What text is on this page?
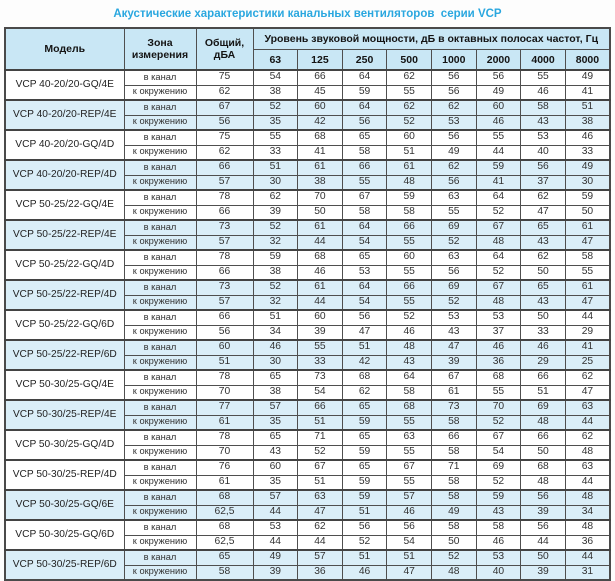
Акустические характеристики канальных вентиляторов  серии VCP
Модель	Зона измерения	Общий, дБА	Уровень звуковой мощности, дБ в октавных полосах частот, Гц							
			63	125	250	500	1000	2000	4000	8000
VCP 40-20/20-GQ/4E	в канал	75	54	66	64	62	56	56	55	49
	к окружению	62	38	45	59	55	56	49	46	41
VCP 40-20/20-REP/4E	в канал	67	52	60	64	62	62	60	58	51
	к окружению	56	35	42	56	52	53	46	43	38
VCP 40-20/20-GQ/4D	в канал	75	55	68	65	60	56	55	53	46
	к окружению	62	33	41	58	51	49	44	40	33
VCP 40-20/20-REP/4D	в канал	66	51	61	66	61	62	59	56	49
	к окружению	57	30	38	55	48	56	41	37	30
VCP 50-25/22-GQ/4E	в канал	78	62	70	67	59	63	64	62	59
	к окружению	66	39	50	58	58	55	52	47	50
VCP 50-25/22-REP/4E	в канал	73	52	61	64	66	69	67	65	61
	к окружению	57	32	44	54	55	52	48	43	47
VCP 50-25/22-GQ/4D	в канал	78	59	68	65	60	63	64	62	58
	к окружению	66	38	46	53	55	56	52	50	55
VCP 50-25/22-REP/4D	в канал	73	52	61	64	66	69	67	65	61
	к окружению	57	32	44	54	55	52	48	43	47
VCP 50-25/22-GQ/6D	в канал	66	51	60	56	52	53	53	50	44
	к окружению	56	34	39	47	46	43	37	33	29
VCP 50-25/22-REP/6D	в канал	60	46	55	51	48	47	46	46	41
	к окружению	51	30	33	42	43	39	36	29	25
VCP 50-30/25-GQ/4E	в канал	78	65	73	68	64	67	68	66	62
	к окружению	70	38	54	62	58	61	55	51	47
VCP 50-30/25-REP/4E	в канал	77	57	66	65	68	73	70	69	63
	к окружению	61	35	51	59	55	58	52	48	44
VCP 50-30/25-GQ/4D	в канал	78	65	71	65	63	66	67	66	62
	к окружению	70	43	52	59	55	58	54	50	48
VCP 50-30/25-REP/4D	в канал	76	60	67	65	67	71	69	68	63
	к окружению	61	35	51	59	55	58	52	48	44
VCP 50-30/25-GQ/6E	в канал	68	57	63	59	57	58	59	56	48
	к окружению	62,5	44	47	51	46	49	43	39	34
VCP 50-30/25-GQ/6D	в канал	68	53	62	56	56	58	58	56	48
	к окружению	62,5	44	44	52	54	50	46	44	36
VCP 50-30/25-REP/6D	в канал	65	49	57	51	51	52	53	50	44
	к окружению	58	39	36	46	47	48	40	39	31
